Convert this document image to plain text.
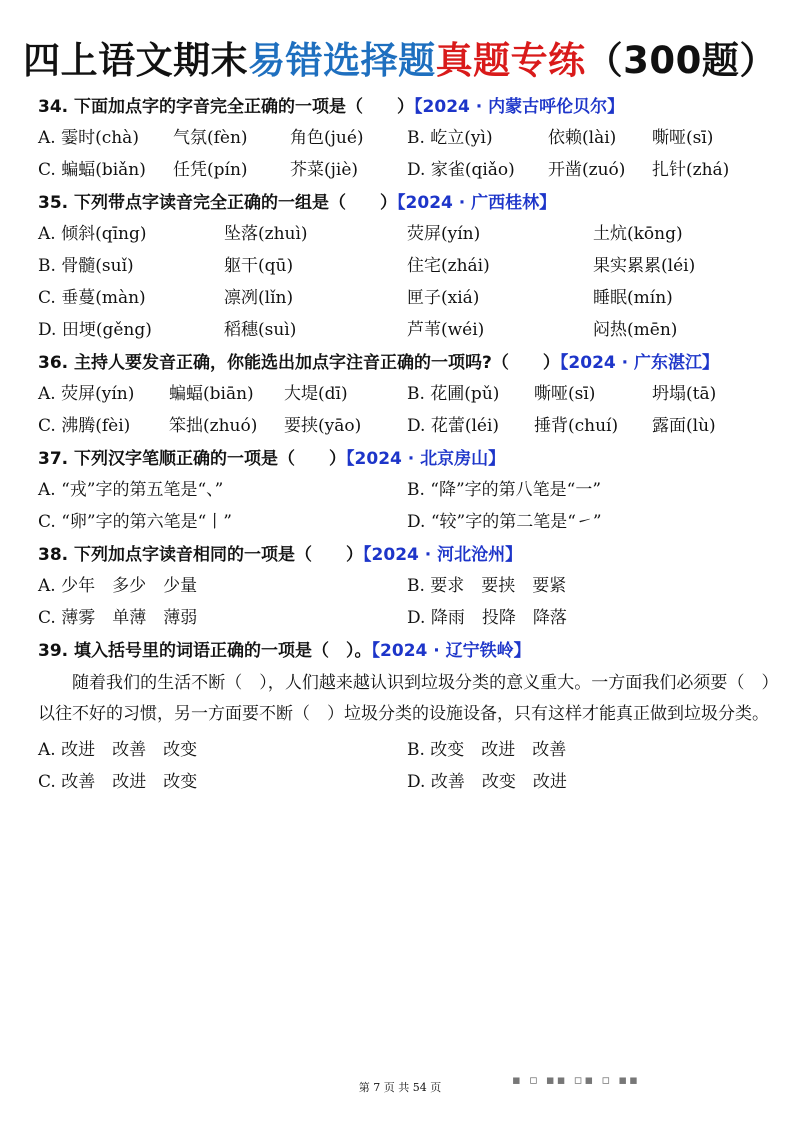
四上语文期末易错选择题真题专练（300题）
34. 下面加点字的字音完全正确的一项是（　　）【2024 · 内蒙古呼伦贝尔】
A. 霎时(chà) 气氛(fèn) 角色(jué)	B. 屹立(yì)	依赖(lài) 嘶哑(sī)
C. 蝙蝠(biǎn) 任凭(pín) 芥菜(jiè)	D. 家雀(qiǎo) 开凿(zuó) 扎针(zhá)
35. 下列带点字读音完全正确的一组是（　　）【2024 · 广西桂林】
A. 倾斜(qīng)	坠落(zhuì)	荧屏(yín)	土炕(kōng)
B. 骨髓(suǐ)	躯干(qū)	住宅(zhái)	果实累累(léi)
C. 垂蔓(màn)	凛冽(lǐn)	匣子(xiá)	睡眠(mín)
D. 田埂(gěng)	稻穗(suì)	芦苇(wéi)	闷热(mēn)
36. 主持人要发音正确，你能选出加点字注音正确的一项吗?（　　）【2024 · 广东湛江】
A. 荧屏(yín) 蝙蝠(biān) 大堤(dī)	B. 花圃(pǔ) 嘶哑(sī)	坍塌(tā)
C. 沸腾(fèi) 笨拙(zhuó) 要挟(yāo)	D. 花蕾(léi) 捶背(chuí) 露面(lù)
37. 下列汉字笔顺正确的一项是（　　）【2024 · 北京房山】
A. “戎”字的第五笔是“、”	B. “降”字的第八笔是“一”
C. “卵”字的第六笔是“丨”	D. “较”字的第二笔是“㇀”
38. 下列加点字读音相同的一项是（　　）【2024 · 河北沧州】
A. 少年　多少　少量	B. 要求　要挟　要紧
C. 薄雾　单薄　薄弱	D. 降雨　投降　降落
39. 填入括号里的词语正确的一项是（　）。【2024 · 辽宁铁岭】
随着我们的生活不断（　），人们越来越认识到垃圾分类的意义重大。一方面我们必须要（　）以往不好的习惯，另一方面要不断（　）垃圾分类的设施设备，只有这样才能真正做到垃圾分类。
A. 改进　改善　改变	B. 改变　改进　改善
C. 改善　改进　改变	D. 改善　改变　改进
第 7 页 共 54 页	▪ ▫ ▪▪ ▫▪ ▫ ▪▪
